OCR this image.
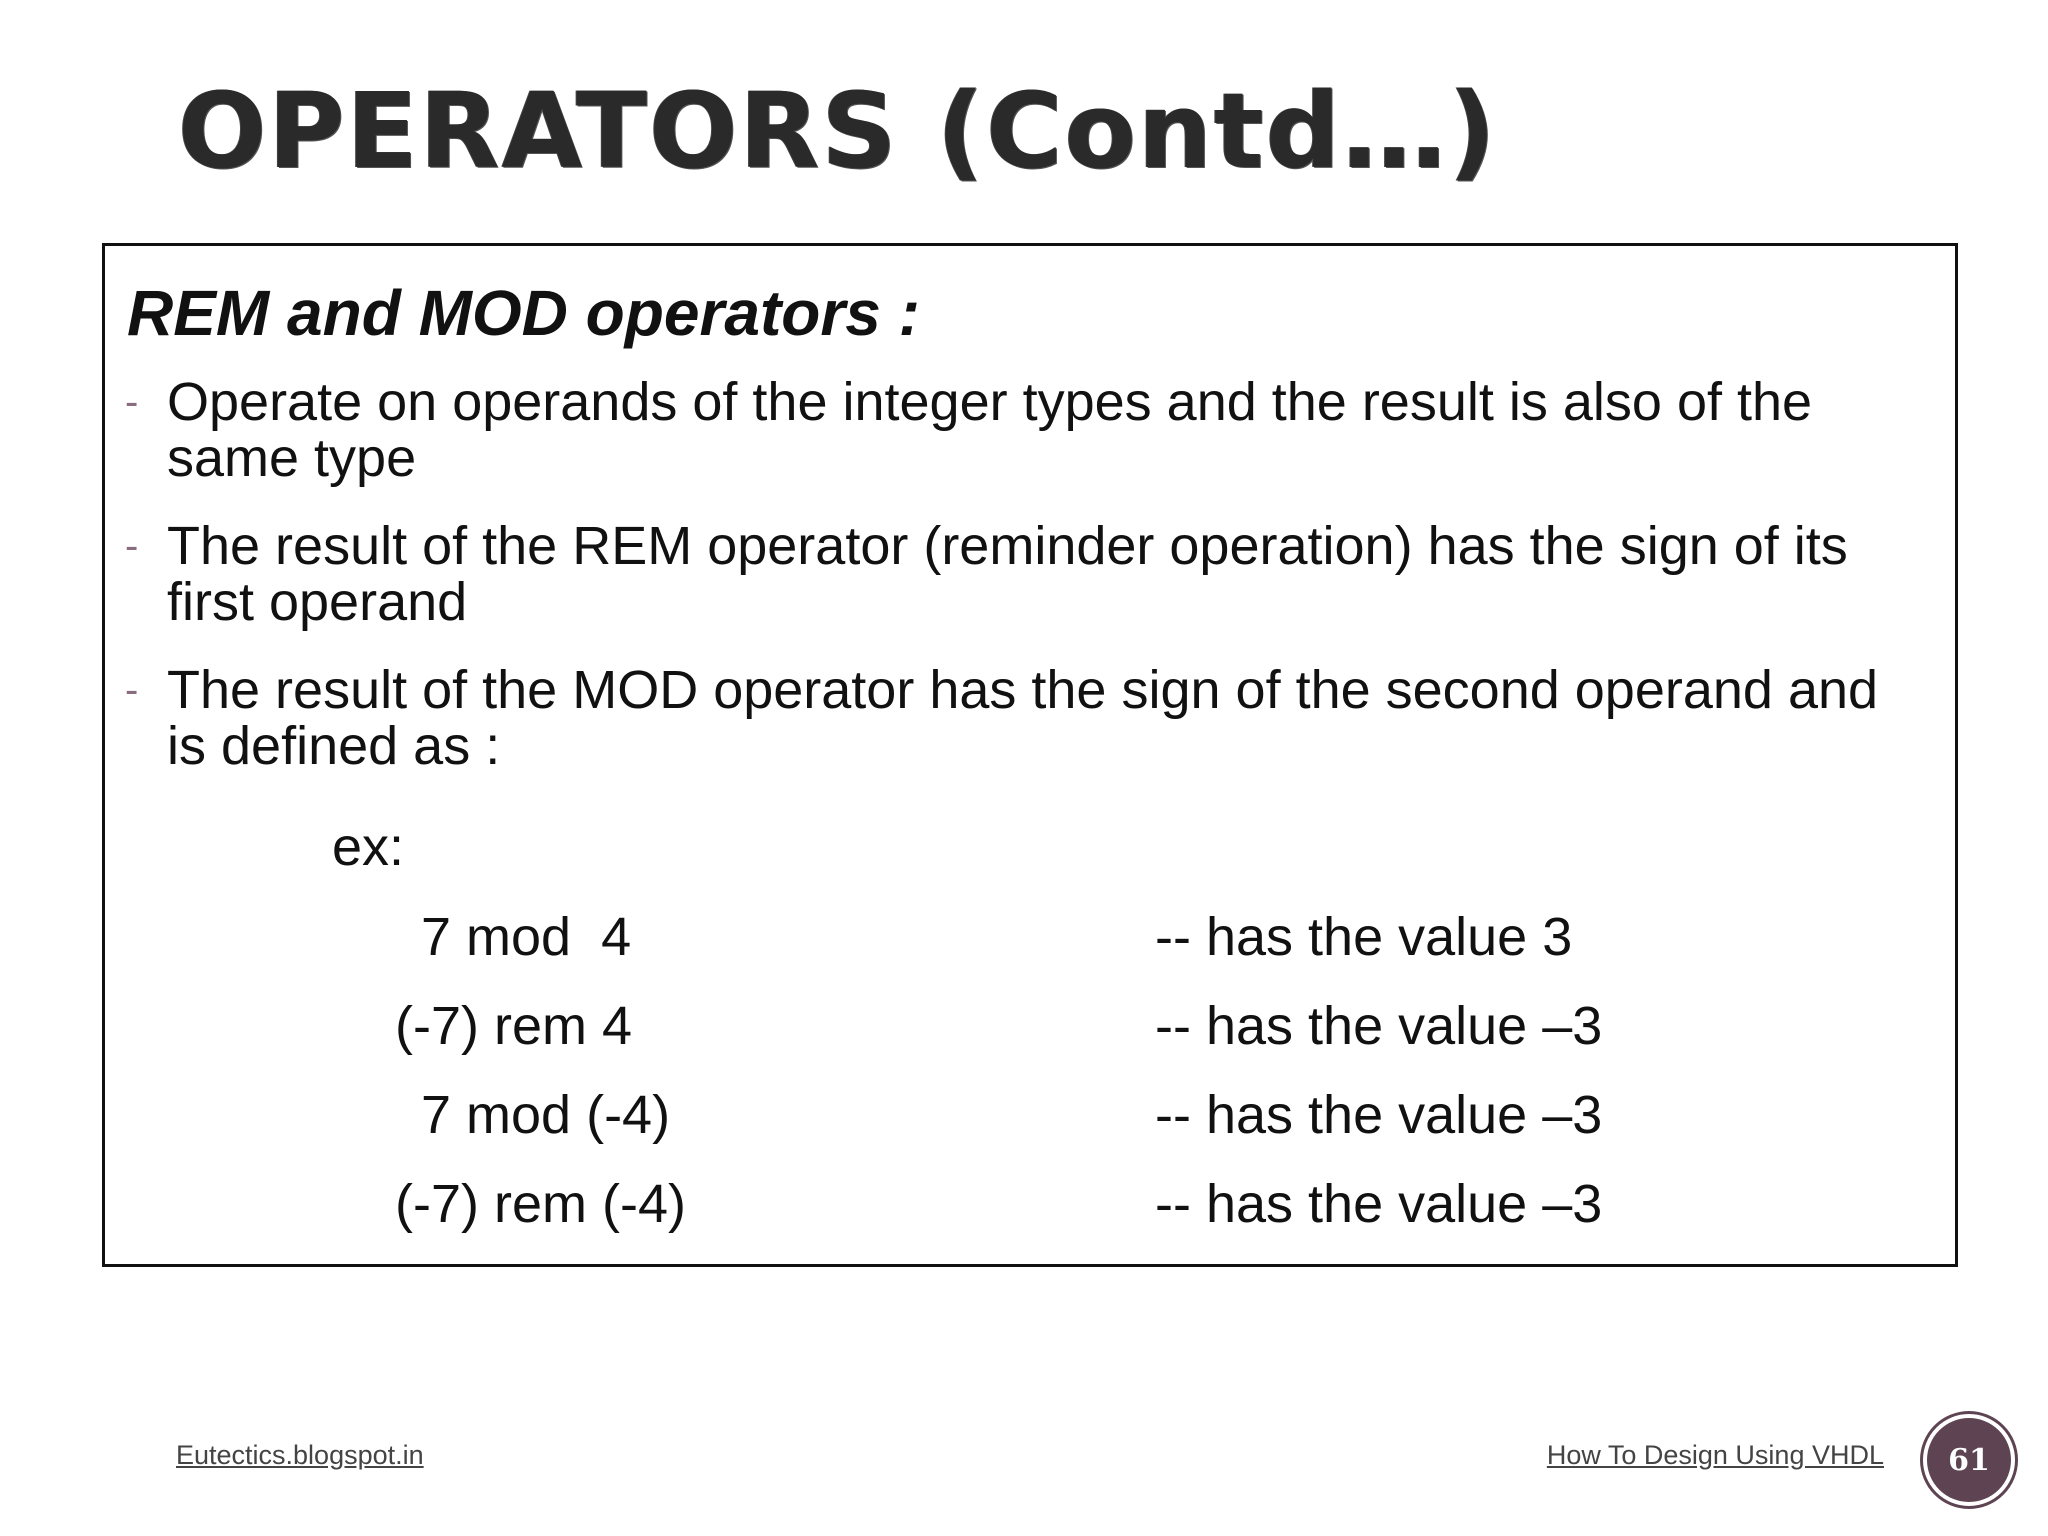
OPERATORS (Contd…)
REM and MOD operators :
- Operate on operands of the integer types and the result is also of the same type
- The result of the REM operator (reminder operation) has the sign of its first operand
- The result of the MOD operator has the sign of the second operand and is defined as :
ex:
7 mod  4	-- has the value 3
(-7) rem 4	-- has the value –3
7 mod (-4)	-- has the value –3
(-7) rem (-4)	-- has the value –3
Eutectics.blogspot.in	How To Design Using VHDL 61
